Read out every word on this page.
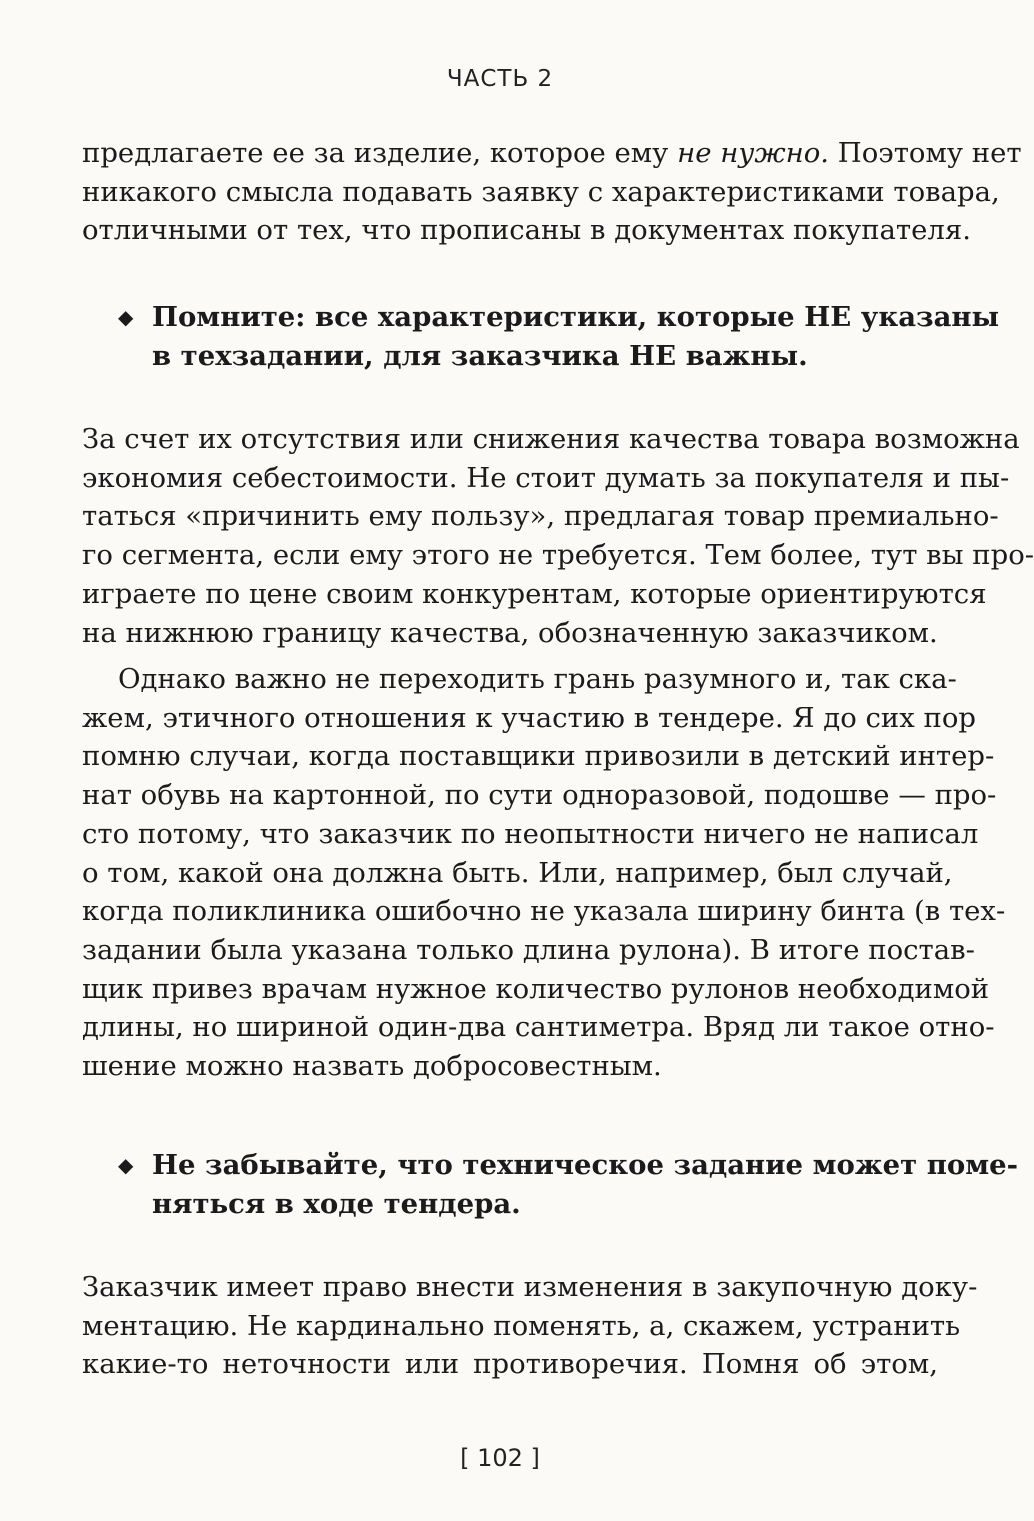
ЧАСТЬ 2
предлагаете ее за изделие, которое ему не нужно. Поэтому нет
никакого смысла подавать заявку с характеристиками товара,
отличными от тех, что прописаны в документах покупателя.
◆ Помните: все характеристики, которые НЕ указаны
в техзадании, для заказчика НЕ важны.
За счет их отсутствия или снижения качества товара возможна
экономия себестоимости. Не стоит думать за покупателя и пы-
таться «причинить ему пользу», предлагая товар премиально-
го сегмента, если ему этого не требуется. Тем более, тут вы про-
играете по цене своим конкурентам, которые ориентируются
на нижнюю границу качества, обозначенную заказчиком.
Однако важно не переходить грань разумного и, так ска-
жем, этичного отношения к участию в тендере. Я до сих пор
помню случаи, когда поставщики привозили в детский интер-
нат обувь на картонной, по сути одноразовой, подошве — про-
сто потому, что заказчик по неопытности ничего не написал
о том, какой она должна быть. Или, например, был случай,
когда поликлиника ошибочно не указала ширину бинта (в тех-
задании была указана только длина рулона). В итоге постав-
щик привез врачам нужное количество рулонов необходимой
длины, но шириной один-два сантиметра. Вряд ли такое отно-
шение можно назвать добросовестным.
◆ Не забывайте, что техническое задание может поме-
няться в ходе тендера.
Заказчик имеет право внести изменения в закупочную доку-
ментацию. Не кардинально поменять, а, скажем, устранить
какие-то неточности или противоречия. Помня об этом,
[ 102 ]
